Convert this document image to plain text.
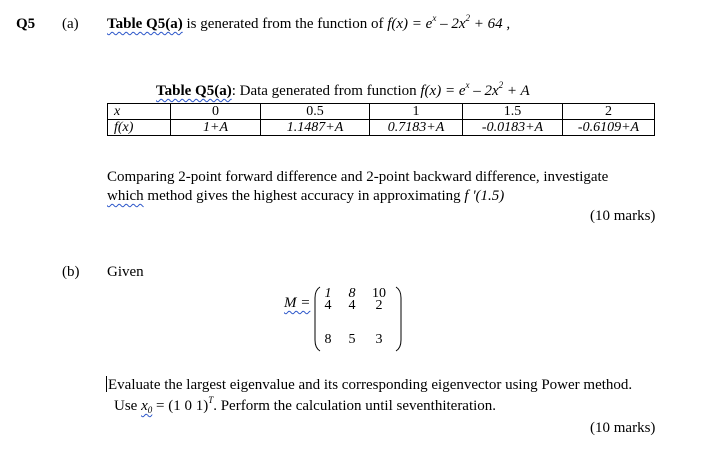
Q5 (a) Table Q5(a) is generated from the function of $f(x) = e^x - 2x^2 + 64$ ,
Table Q5(a): Data generated from function $f(x) = e^x - 2x^2 + A$
x	0	0.5	1	1.5	2
f(x)	1+A	1.1487+A	0.7183+A	-0.0183+A	-0.6109+A
Comparing 2-point forward difference and 2-point backward difference, investigate
which method gives the highest accuracy in approximating f '(1.5)
(10 marks)
(b) Given
M =
1	8	10
4	4	2
8	5	3
Evaluate the largest eigenvalue and its corresponding eigenvector using Power method.
Use $x_0 = (1$ 0 1)$^T$. Perform the calculation until seventhiteration.
(10 marks)
